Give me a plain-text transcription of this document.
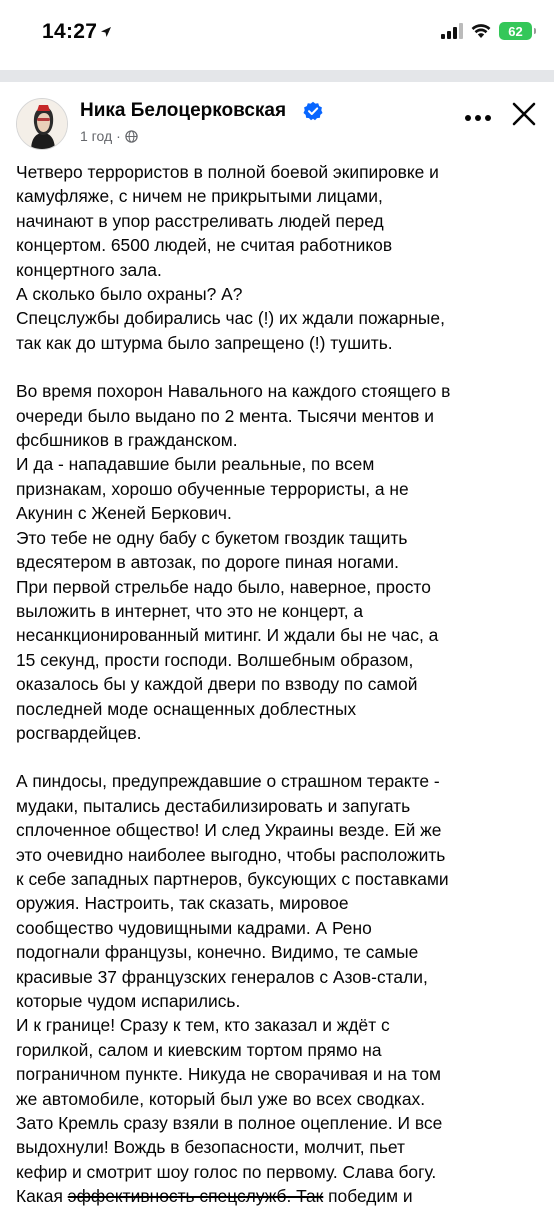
14:27	62
Ника Белоцерковская
1 год ·

Четверо террористов в полной боевой экипировке и
камуфляже, с ничем не прикрытыми лицами,
начинают в упор расстреливать людей перед
концертом. 6500 людей, не считая работников
концертного зала.
А сколько было охраны? А?
Спецслужбы добирались час (!) их ждали пожарные,
так как до штурма было запрещено (!) тушить.

Во время похорон Навального на каждого стоящего в
очереди было выдано по 2 мента. Тысячи ментов и
фсбшников в гражданском.
И да - нападавшие были реальные, по всем
признакам, хорошо обученные террористы, а не
Акунин с Женей Беркович.
Это тебе не одну бабу с букетом гвоздик тащить
вдесятером в автозак, по дороге пиная ногами.
При первой стрельбе надо было, наверное, просто
выложить в интернет, что это не концерт, а
несанкционированный митинг. И ждали бы не час, а
15 секунд, прости господи. Волшебным образом,
оказалось бы у каждой двери по взводу по самой
последней моде оснащенных доблестных
росгвардейцев.

А пиндосы, предупреждавшие о страшном теракте -
мудаки, пытались дестабилизировать и запугать
сплоченное общество! И след Украины везде. Ей же
это очевидно наиболее выгодно, чтобы расположить
к себе западных партнеров, буксующих с поставками
оружия. Настроить, так сказать, мировое
сообщество чудовищными кадрами. А Рено
подогнали французы, конечно. Видимо, те самые
красивые 37 французских генералов с Азов-стали,
которые чудом испарились.
И к границе! Сразу к тем, кто заказал и ждёт с
горилкой, салом и киевским тортом прямо на
пограничном пункте. Никуда не сворачивая и на том
же автомобиле, который был уже во всех сводках.
Зато Кремль сразу взяли в полное оцепление. И все
выдохнули! Вождь в безопасности, молчит, пьет
кефир и смотрит шоу голос по первому. Слава богу.

Какая эффективность спецслужб. Так победим и
